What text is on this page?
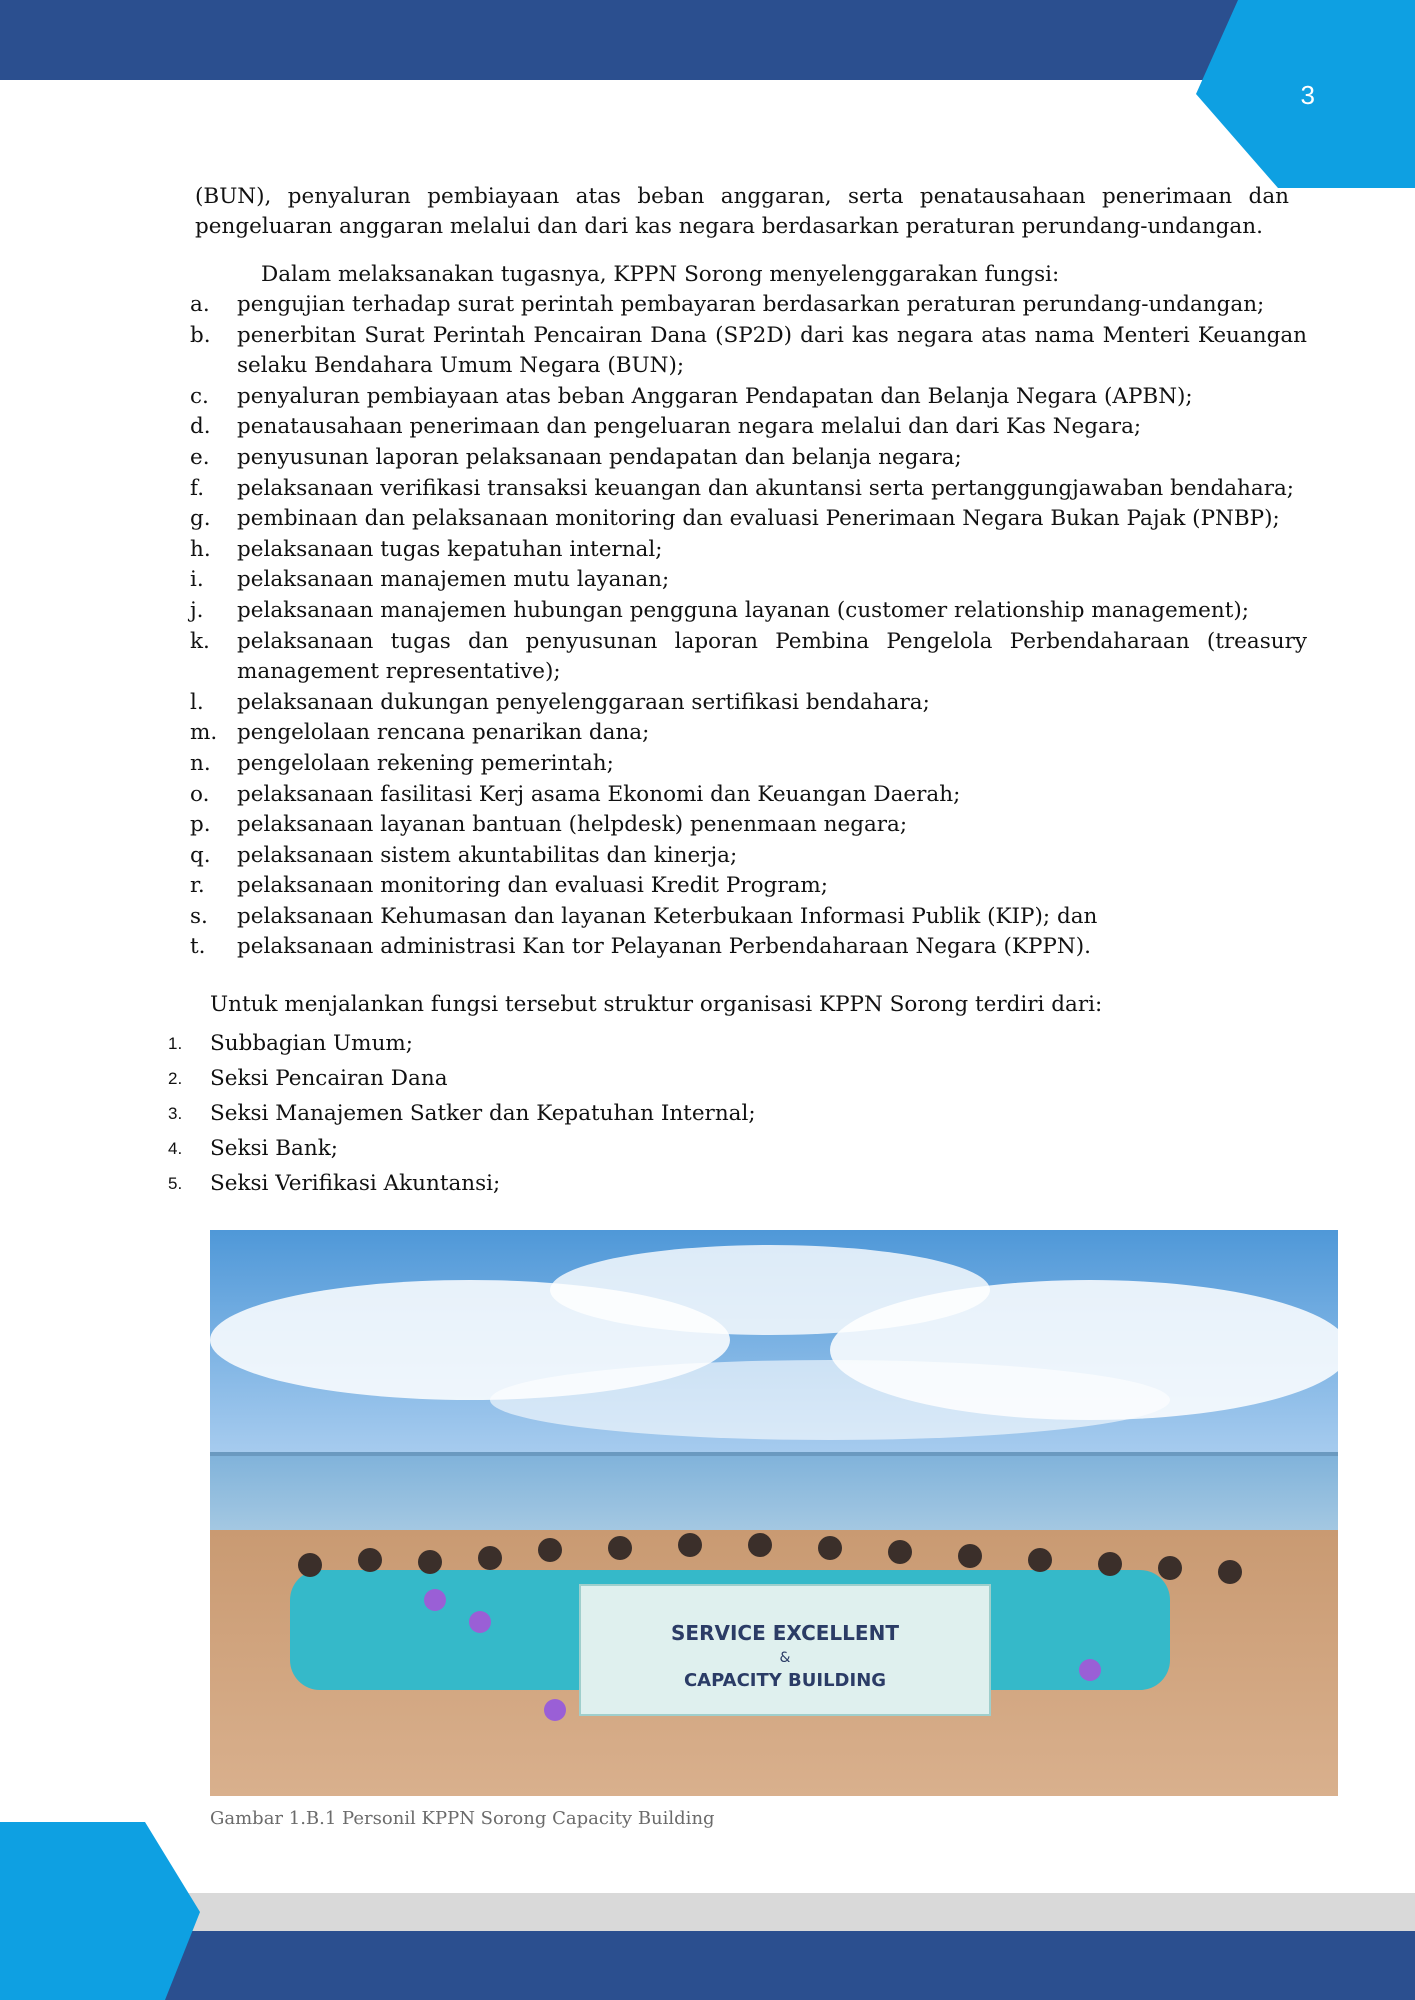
3

(BUN), penyaluran pembiayaan atas beban anggaran, serta penatausahaan penerimaan dan pengeluaran anggaran melalui dan dari kas negara berdasarkan peraturan perundang-undangan.

Dalam melaksanakan tugasnya, KPPN Sorong menyelenggarakan fungsi:

a.	pengujian terhadap surat perintah pembayaran berdasarkan peraturan perundang-undangan;
b.	penerbitan Surat Perintah Pencairan Dana (SP2D) dari kas negara atas nama Menteri Keuangan selaku Bendahara Umum Negara (BUN);
c.	penyaluran pembiayaan atas beban Anggaran Pendapatan dan Belanja Negara (APBN);
d.	penatausahaan penerimaan dan pengeluaran negara melalui dan dari Kas Negara;
e.	penyusunan laporan pelaksanaan pendapatan dan belanja negara;
f.	pelaksanaan verifikasi transaksi keuangan dan akuntansi serta pertanggungjawaban bendahara;
g.	pembinaan dan pelaksanaan monitoring dan evaluasi Penerimaan Negara Bukan Pajak (PNBP);
h.	pelaksanaan tugas kepatuhan internal;
i.	pelaksanaan manajemen mutu layanan;
j.	pelaksanaan manajemen hubungan pengguna layanan (customer relationship management);
k.	pelaksanaan tugas dan penyusunan laporan Pembina Pengelola Perbendaharaan (treasury management representative);
l.	pelaksanaan dukungan penyelenggaraan sertifikasi bendahara;
m. pengelolaan rencana penarikan dana;
n.	pengelolaan rekening pemerintah;
o.	pelaksanaan fasilitasi Kerj asama Ekonomi dan Keuangan Daerah;
p.	pelaksanaan layanan bantuan (helpdesk) penenmaan negara;
q.	pelaksanaan sistem akuntabilitas dan kinerja;
r.	pelaksanaan monitoring dan evaluasi Kredit Program;
s.	pelaksanaan Kehumasan dan layanan Keterbukaan Informasi Publik (KIP); dan
t.	pelaksanaan administrasi Kan tor Pelayanan Perbendaharaan Negara (KPPN).

Untuk menjalankan fungsi tersebut struktur organisasi KPPN Sorong terdiri dari:

1.	Subbagian Umum;
2.	Seksi Pencairan Dana
3.	Seksi Manajemen Satker dan Kepatuhan Internal;
4.	Seksi Bank;
5.	Seksi Verifikasi Akuntansi;
SERVICE EXCELLENT
&
CAPACITY BUILDING
Gambar 1.B.1 Personil KPPN Sorong Capacity Building
